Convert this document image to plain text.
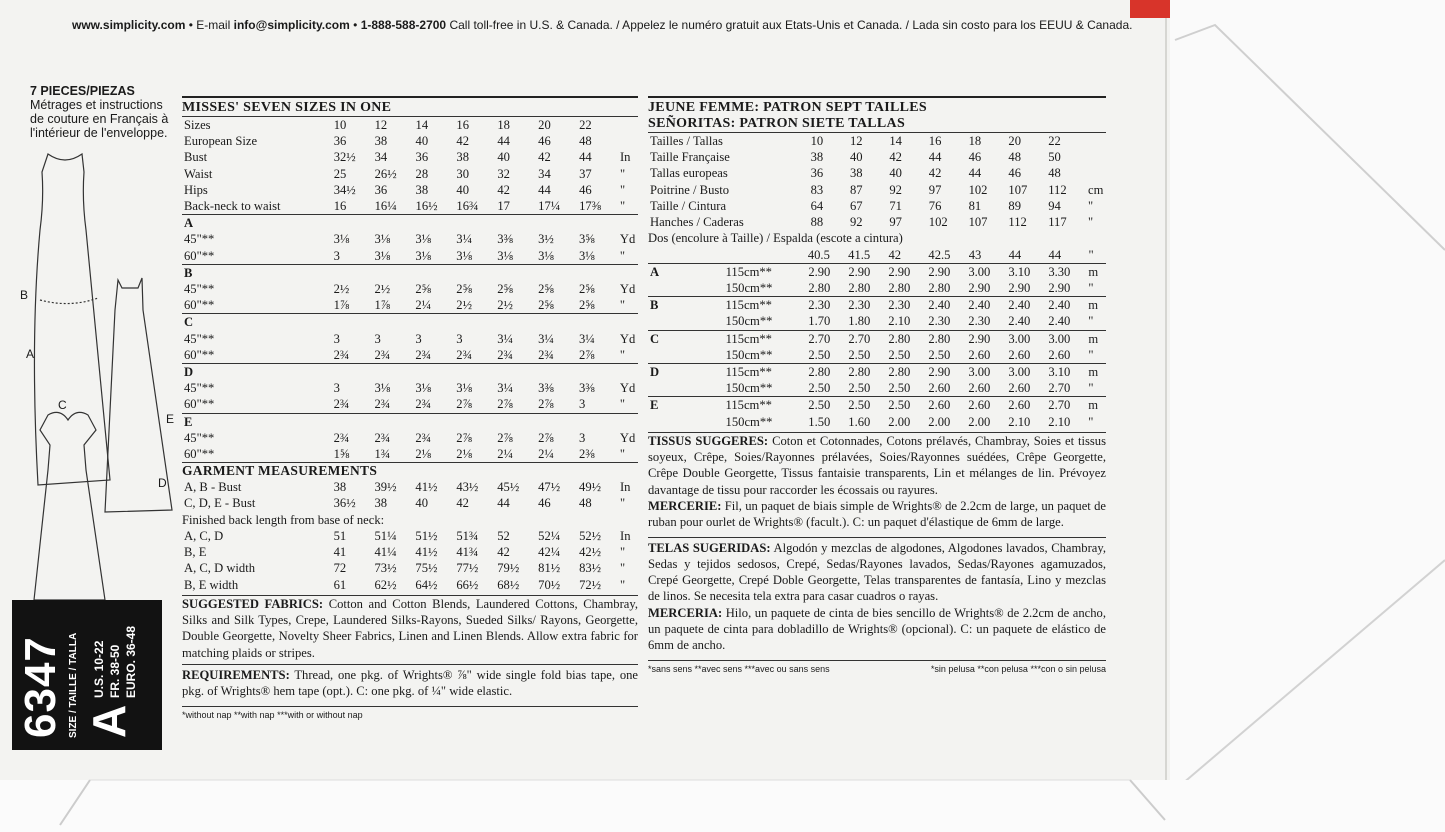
www.simplicity.com • E-mail info@simplicity.com • 1-888-588-2700 Call toll-free in U.S. & Canada. / Appelez le numéro gratuit aux Etats-Unis et Canada. / Lada sin costo para los EEUU & Canada.
7 PIECES/PIEZAS
Métrages et instructions
de couture en Français à
l'intérieur de l'enveloppe.
B
A
C
E
D
6347 SIZE / TAILLE / TALLA A
U.S. 10-22 FR. 38-50 EURO. 36-48
MISSES' SEVEN SIZES IN ONE
Sizes	10	12	14	16	18	20	22	
European Size	36	38	40	42	44	46	48	
Bust	32½	34	36	38	40	42	44	In
Waist	25	26½	28	30	32	34	37	"
Hips	34½	36	38	40	42	44	46	"
Back-neck to waist	16	16¼	16½	16¾	17	17¼	17⅜	"
A								
45"**	3⅛	3⅛	3⅛	3¼	3⅜	3½	3⅝	Yd
60"**	3	3⅛	3⅛	3⅛	3⅛	3⅛	3⅛	"
B								
45"**	2½	2½	2⅝	2⅝	2⅝	2⅝	2⅝	Yd
60"**	1⅞	1⅞	2¼	2½	2½	2⅝	2⅝	"
C								
45"**	3	3	3	3	3¼	3¼	3¼	Yd
60"**	2¾	2¾	2¾	2¾	2¾	2¾	2⅞	"
D								
45"**	3	3⅛	3⅛	3⅛	3¼	3⅜	3⅜	Yd
60"**	2¾	2¾	2¾	2⅞	2⅞	2⅞	3	"
E								
45"**	2¾	2¾	2¾	2⅞	2⅞	2⅞	3	Yd
60"**	1⅝	1¾	2⅛	2⅛	2¼	2¼	2⅜	"
GARMENT MEASUREMENTS
A, B - Bust	38	39½	41½	43½	45½	47½	49½	In
C, D, E - Bust	36½	38	40	42	44	46	48	"
Finished back length from base of neck:
A, C, D	51	51¼	51½	51¾	52	52¼	52½	In
B, E	41	41¼	41½	41¾	42	42¼	42½	"
A, C, D width	72	73½	75½	77½	79½	81½	83½	"
B, E width	61	62½	64½	66½	68½	70½	72½	"
SUGGESTED FABRICS: Cotton and Cotton Blends, Laundered Cottons, Chambray, Silks and Silk Types, Crepe, Laundered Silks-Rayons, Sueded Silks/ Rayons, Georgette, Double Georgette, Novelty Sheer Fabrics, Linen and Linen Blends. Allow extra fabric for matching plaids or stripes.
REQUIREMENTS: Thread, one pkg. of Wrights® ⅞" wide single fold bias tape, one pkg. of Wrights® hem tape (opt.). C: one pkg. of ¼" wide elastic.
*without nap **with nap ***with or without nap
JEUNE FEMME: PATRON SEPT TAILLES
SEÑORITAS: PATRON SIETE TALLAS
Tailles / Tallas	10	12	14	16	18	20	22	
Taille Française	38	40	42	44	46	48	50	
Tallas europeas	36	38	40	42	44	46	48	
Poitrine / Busto	83	87	92	97	102	107	112	cm
Taille / Cintura	64	67	71	76	81	89	94	"
Hanches / Caderas	88	92	97	102	107	112	117	"
Dos (encolure à Taille) / Espalda (escote a cintura)
	40.5	41.5	42	42.5	43	44	44	"
A	115cm**	2.90	2.90	2.90	2.90	3.00	3.10	3.30	m
	150cm**	2.80	2.80	2.80	2.80	2.90	2.90	2.90	"
B	115cm**	2.30	2.30	2.30	2.40	2.40	2.40	2.40	m
	150cm**	1.70	1.80	2.10	2.30	2.30	2.40	2.40	"
C	115cm**	2.70	2.70	2.80	2.80	2.90	3.00	3.00	m
	150cm**	2.50	2.50	2.50	2.50	2.60	2.60	2.60	"
D	115cm**	2.80	2.80	2.80	2.90	3.00	3.00	3.10	m
	150cm**	2.50	2.50	2.50	2.60	2.60	2.60	2.70	"
E	115cm**	2.50	2.50	2.50	2.60	2.60	2.60	2.70	m
	150cm**	1.50	1.60	2.00	2.00	2.00	2.10	2.10	"
TISSUS SUGGERES: Coton et Cotonnades, Cotons prélavés, Chambray, Soies et tissus soyeux, Crêpe, Soies/Rayonnes prélavées, Soies/Rayonnes suédées, Crêpe Georgette, Crêpe Double Georgette, Tissus fantaisie transparents, Lin et mélanges de lin. Prévoyez davantage de tissu pour raccorder les écossais ou rayures.
MERCERIE: Fil, un paquet de biais simple de Wrights® de 2.2cm de large, un paquet de ruban pour ourlet de Wrights® (facult.). C: un paquet d'élastique de 6mm de large.
TELAS SUGERIDAS: Algodón y mezclas de algodones, Algodones lavados, Chambray, Sedas y tejidos sedosos, Crepé, Sedas/Rayones lavados, Sedas/Rayones agamuzados, Crepé Georgette, Crepé Doble Georgette, Telas transparentes de fantasía, Lino y mezclas de linos. Se necesita tela extra para casar cuadros o rayas.
MERCERIA: Hilo, un paquete de cinta de bies sencillo de Wrights® de 2.2cm de ancho, un paquete de cinta para dobladillo de Wrights® (opcional). C: un paquete de elástico de 6mm de ancho.
*sans sens **avec sens ***avec ou sans sens	*sin pelusa **con pelusa ***con o sin pelusa
